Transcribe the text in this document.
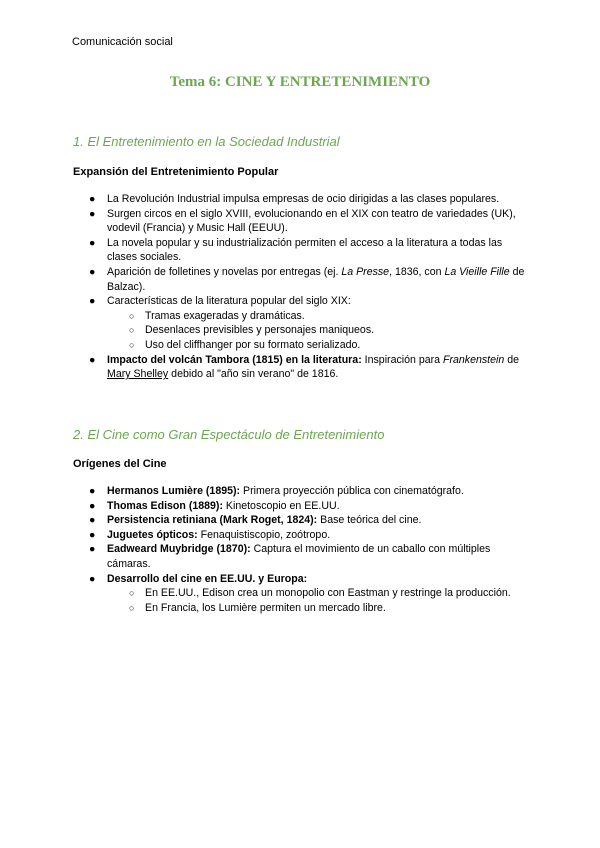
Comunicación social
Tema 6: CINE Y ENTRETENIMIENTO
1. El Entretenimiento en la Sociedad Industrial
Expansión del Entretenimiento Popular
● La Revolución Industrial impulsa empresas de ocio dirigidas a las clases populares.
● Surgen circos en el siglo XVIII, evolucionando en el XIX con teatro de variedades (UK), vodevil (Francia) y Music Hall (EEUU).
● La novela popular y su industrialización permiten el acceso a la literatura a todas las clases sociales.
● Aparición de folletines y novelas por entregas (ej. La Presse, 1836, con La Vieille Fille de Balzac).
● Características de la literatura popular del siglo XIX:
○ Tramas exageradas y dramáticas.
○ Desenlaces previsibles y personajes maniqueos.
○ Uso del cliffhanger por su formato serializado.
● Impacto del volcán Tambora (1815) en la literatura: Inspiración para Frankenstein de Mary Shelley debido al "año sin verano" de 1816.
2. El Cine como Gran Espectáculo de Entretenimiento
Orígenes del Cine
● Hermanos Lumière (1895): Primera proyección pública con cinematógrafo.
● Thomas Edison (1889): Kinetoscopio en EE.UU.
● Persistencia retiniana (Mark Roget, 1824): Base teórica del cine.
● Juguetes ópticos: Fenaquistiscopio, zoótropo.
● Eadweard Muybridge (1870): Captura el movimiento de un caballo con múltiples cámaras.
● Desarrollo del cine en EE.UU. y Europa:
○ En EE.UU., Edison crea un monopolio con Eastman y restringe la producción.
○ En Francia, los Lumière permiten un mercado libre.
